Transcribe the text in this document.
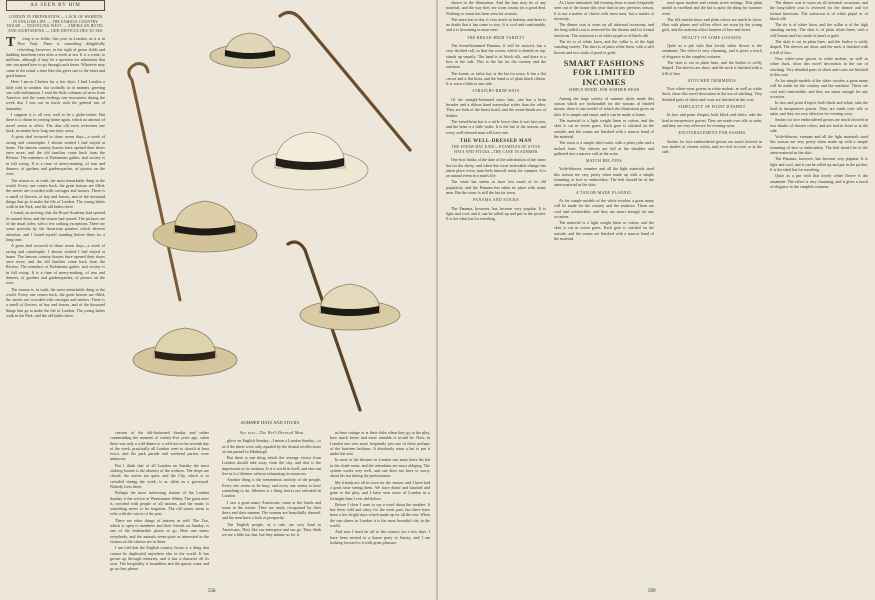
AS SEEN BY HIM
LONDON IN PREPARATION — LACK OF WARMTH IN ENGLISH LIFE — THE FAMOUS COUNTRY HOUSE — TRAVELING WEST — AMERICAN HOTEL AND SIGHTSEEING — ODD DIFFICULTIES TO SEE
T	iring is so fickle, this year, in London, as it is in New York. There is something delightfully refreshing, however, in the sight of green fields and budding hawthorn trees after a week at sea. It is a week, to millions, although it may be a question for admission that one can spend here to go through such times. Whatever may come to the mind, a time like this gives one to the heart and good humor.

Here I am in Chelsea for a few days. I find London a little cold in weather, but cordially in its manner, greeting one with enthusiasm. I read the little columns of news from America, and the warm feelings one encounters during the week that I was out in touch with the general run of humanity.

I suppose it is all very well to be a globe-trotter. But there is a charm in coming home again, which no amount of travel seems to affect. The dear old town welcomes one back, no matter how long one stays away.

A great deal recurred to those seven days—a week of racing and catastrophe. I almost wished I had stayed at home. The famous country houses have opened their doors once more, and the old families come back from the Riviera. The members of Parliament gather, and society is in full swing. It is a time of merry-making, of teas and dinners, of gardens and garden-parties, of picnics on the river.

The season is, in truth, the most remarkable thing in the world. Every one comes back, the great houses are filled, the streets are crowded with carriages and motors. There is a smell of flowers, of hay and horses, and of the thousand things that go to make the life of London. The young ladies walk in the Park, and the old ladies drive.

I found, on arriving, that the Royal Academy had opened its annual show, and the season had started. The pictures are of the usual order, with a few striking exceptions. There are some portraits by the American painters which deserve attention, and I found myself standing before them for a long time.

A great deal recurred to those seven days—a week of racing and catastrophe. I almost wished I had stayed at home. The famous country houses have opened their doors once more, and the old families come back from the Riviera. The members of Parliament gather, and society is in full swing. It is a time of merry-making, of teas and dinners, of gardens and garden-parties, of picnics on the river.

The season is, in truth, the most remarkable thing in the world. Every one comes back, the great houses are filled, the streets are crowded with carriages and motors. There is a smell of flowers, of hay and horses, and of the thousand things that go to make the life of London. The young ladies walk in the Park, and the old ladies drive.

SUMMER HATS AND STICKS

cession of the old-fashioned Sunday and rather commending the moment of twenty-five years ago, when there was only a cold dinner or a cold tea on the seventh day of the week, practically all London went to church at least twice, and the park parade and weekend parties were unknown.

But I think that of all London on Sunday the most striking feature is the absence of the workers. The shops are closed, the streets are quiet, and the City, which is so crowded during the week, is as silent as a graveyard. Nobody lives there.

Perhaps the most interesting feature of the London Sunday is the service at Westminster Abbey. The great nave is crowded with people of all nations, and the music is something never to be forgotten. The old stones seem to echo with the voices of the past.

There are other things of interest as well. The Zoo, which is open to members and their friends on Sunday, is one of the fashionable places to go. Here one meets everybody, and the animals seem quite as interested in the visitors as the visitors are in them.

I am told that the English country house is a thing that cannot be duplicated anywhere else in the world. It has grown up through centuries, and it has a character all its own. The hospitality is boundless and the guests come and go as they please.

See text—The Well-Dressed Man

glove on English Sunday—I mean a London Sunday—is as if the times were only equaled by the dismal recollections of one passed in Edinburgh.

But there is one thing which the average visitor from London should take away from the city, and that is the impression of its vastness. It is a world in itself, and one can live in it a lifetime without exhausting its resources.

Another thing is the tremendous activity of the people. Every one seems to be busy, and every one seems to have something to do. Idleness is a thing that is not tolerated in London.

I saw a great many Americans, some at the hotels and some in the streets. They are easily recognized by their dress and their manner. The women are beautifully dressed, and the men have a look of prosperity.

The English people, as a rule, are very kind to Americans. They like our enterprise and our go. They think we are a little too fast, but they admire us for it.

in their cottage or at their clubs when they go to the play, how much better and more amiable it would be. Now, in London one sees more frequently just one of these perhaps of the fourteen fashions. It absolutely ruins a hat to put it under the seat.

In most of the theatres in London one must leave his hat in the cloak-room, and the attendants are most obliging. The system works very well, and one does not have to worry about his hat during the performance.

My friends are all in town for the season, and I have had a great time seeing them. We have dined and lunched and gone to the play, and I have seen more of London in a fortnight than I ever did before.

Before I close I want to say a word about the weather. It has been cold and rainy for the most part, but there have been a few bright days which made up for all the rest. When the sun shines in London it is the most beautiful city in the world.

And now I must be off to the country for a few days. I have been invited to a house party in Surrey, and I am looking forward to it with great pleasure.

558

shown in the illustration. And the hats may be of any material, and the way they are worn counts for a good deal. Nothing so smart has been seen for seasons.

The straw hat to-day is very much in fashion, and there is no doubt that it has come to stay. It is cool and comfortable, and it is becoming to most men.

THE BREAD-BRIM VARIETY

The broad-brimmed Panama, it will be noticed, has a very decided roll, so that the crown, which is dented on top, stands up smartly. The band is of black silk, and there is a bow at the side. This is the hat for the country and the seashore.

The boater, or sailor hat, is the hat for town. It has a flat crown and a flat brim, and the band is of plain black ribbon. It is worn a little to one side.

STRAIGHT-BRIM HATS

Of the straight-brimmed straw hats, one has a brim broader and a ribbon band somewhat wider than the other. They are both of the finest braid, and the sweat-bands are of leather.

The bread-brim hat is a trifle lower than it was last year, and the brim is a little wider. It is the hat of the season, and every well-dressed man will have one.

THE WELL-DRESSED MAN
THE STRAW HAT DATE—EXAMPLES OF STYLE HATS AND STICKS—THE CANE IN SUMMER

One first thinks of the date of the substitution of the straw hat for the derby, and when this most noticeable change has taken place every man feels himself ready for summer. It is an annual event in a man's life.

The straw hat seems to have lost much of its old popularity, and the Panama has taken its place with many men. But the straw is still the hat for town.

PANAMA AND STICKS

The Panama, however, has become very popular. It is light and cool, and it can be rolled up and put in the pocket. It is the ideal hat for traveling.

As I have intimated, full evening dress is more frequently seen out of the house this year than in any previous season. It is not a matter of choice with most men, but a matter of necessity.

The dinner coat is worn on all informal occasions, and the long-tailed coat is reserved for the theatre and for formal functions. The waistcoat is of white piqué or of black silk.

The tie is of white lawn, and the collar is of the high standing variety. The shirt is of plain white linen, with a stiff bosom and two studs of pearl or gold.

SMART FASHIONS FOR LIMITED INCOMES
SIMPLE MODEL FOR SUMMER WEAR

Among the large variety of summer skirts made this season which are fashionable for the woman of limited means, there is one model of which the illustration gives an idea. It is simple and smart, and it can be made at home.

The material is a light weight linen or cotton, and the skirt is cut in seven gores. Each gore is stitched on the outside, and the seams are finished with a narrow band of the material.

The waist is a simple shirt-waist, with a plain yoke and a tucked front. The sleeves are full at the shoulder and gathered into a narrow cuff at the wrist.

MATCH BEL PINS

Voile-blouses, etamine and all the light materials used this season are very pretty when made up with a simple trimming of lace or embroidery. The belt should be of the same material as the skirt.

A TAILOR-MADE FLANNEL

As for simple models of the white woolen, a great many will be made for the country and the seashore. These are cool and comfortable, and they are smart enough for any occasion.

The material is a light weight linen or cotton, and the skirt is cut in seven gores. Each gore is stitched on the outside, and the seams are finished with a narrow band of the material.

used upon modern and certain street settings. This plain model is excellent and the hat is quite the thing for summer wear.

The silk muslin bows and plain colors are much in favor. Hats with plume and willow effect are worn by the young girls, and the matrons affect bonnets of lace and straw.

BEAUTY OF SOME LOOSENS

Quite as a pin with that lovely white flower is the ornament. The effect is very charming, and it gives a touch of elegance to the simplest costume.

The skirt is cut in plain lines, and the bodice is softly draped. The sleeves are short, and the neck is finished with a frill of lace.

STITCHED TRIMMINGS

Now white-wear gowns in white mohair, as well as white duck, show this novel decoration in the use of stitching. Very detailed parts of skirts and coats are finished in this way.

SIMPLICITY OF POINT D'ESPRIT

In lace and point d'esprit, both black and white, take the lead in inexpensive gowns. They are made over silk or satin, and they are very effective for evening wear.

ENCOURAGEMENT FOR SASHES

Sashes for face embroidered gowns are much favored in two shades of chosen colors, and are tied in front or at the side.

The dinner coat is worn on all informal occasions, and the long-tailed coat is reserved for the theatre and for formal functions. The waistcoat is of white piqué or of black silk.

The tie is of white lawn, and the collar is of the high standing variety. The shirt is of plain white linen, with a stiff bosom and two studs of pearl or gold.

The skirt is cut in plain lines, and the bodice is softly draped. The sleeves are short, and the neck is finished with a frill of lace.

Now white-wear gowns in white mohair, as well as white duck, show this novel decoration in the use of stitching. Very detailed parts of skirts and coats are finished in this way.

As for simple models of the white woolen, a great many will be made for the country and the seashore. These are cool and comfortable, and they are smart enough for any occasion.

In lace and point d'esprit, both black and white, take the lead in inexpensive gowns. They are made over silk or satin, and they are very effective for evening wear.

Sashes for face embroidered gowns are much favored in two shades of chosen colors, and are tied in front or at the side.

Voile-blouses, etamine and all the light materials used this season are very pretty when made up with a simple trimming of lace or embroidery. The belt should be of the same material as the skirt.

The Panama, however, has become very popular. It is light and cool, and it can be rolled up and put in the pocket. It is the ideal hat for traveling.

Quite as a pin with that lovely white flower is the ornament. The effect is very charming, and it gives a touch of elegance to the simplest costume.

599
